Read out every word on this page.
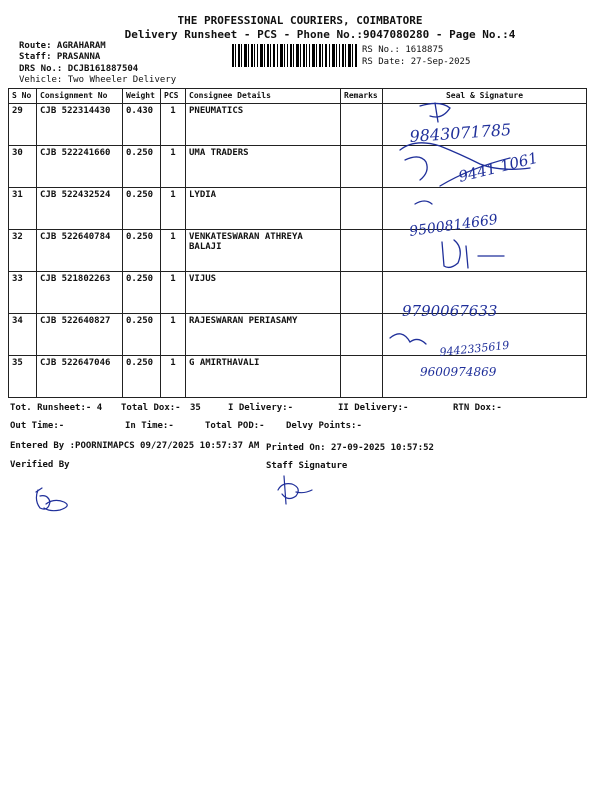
THE PROFESSIONAL COURIERS, COIMBATORE
Delivery Runsheet - PCS - Phone No.:9047080280 - Page No.:4
Route: AGRAHARAM
Staff: PRASANNA
DRS No.: DCJB161887504
Vehicle: Two Wheeler Delivery
RS No.: 1618875
RS Date: 27-Sep-2025
S No	Consignment No	Weight	PCS	Consignee Details	Remarks	Seal & Signature
29	CJB 522314430	0.430	1	PNEUMATICS		
30	CJB 522241660	0.250	1	UMA TRADERS		
31	CJB 522432524	0.250	1	LYDIA		
32	CJB 522640784	0.250	1	VENKATESWARAN ATHREYA BALAJI		
33	CJB 521802263	0.250	1	VIJUS		
34	CJB 522640827	0.250	1	RAJESWARAN PERIASAMY		
35	CJB 522647046	0.250	1	G AMIRTHAVALI		
9843071785
9441 1061
9500814669
9790067633
9442335619
9600974869
Tot. Runsheet:- 4 Total Dox:- 35	I Delivery:-	II Delivery:-	RTN Dox:-
Out Time:-	In Time:-	Total POD:- Delvy Points:-
Entered By :POORNIMAPCS 09/27/2025 10:57:37 AM Printed On: 27-09-2025 10:57:52
Verified By	Staff Signature
